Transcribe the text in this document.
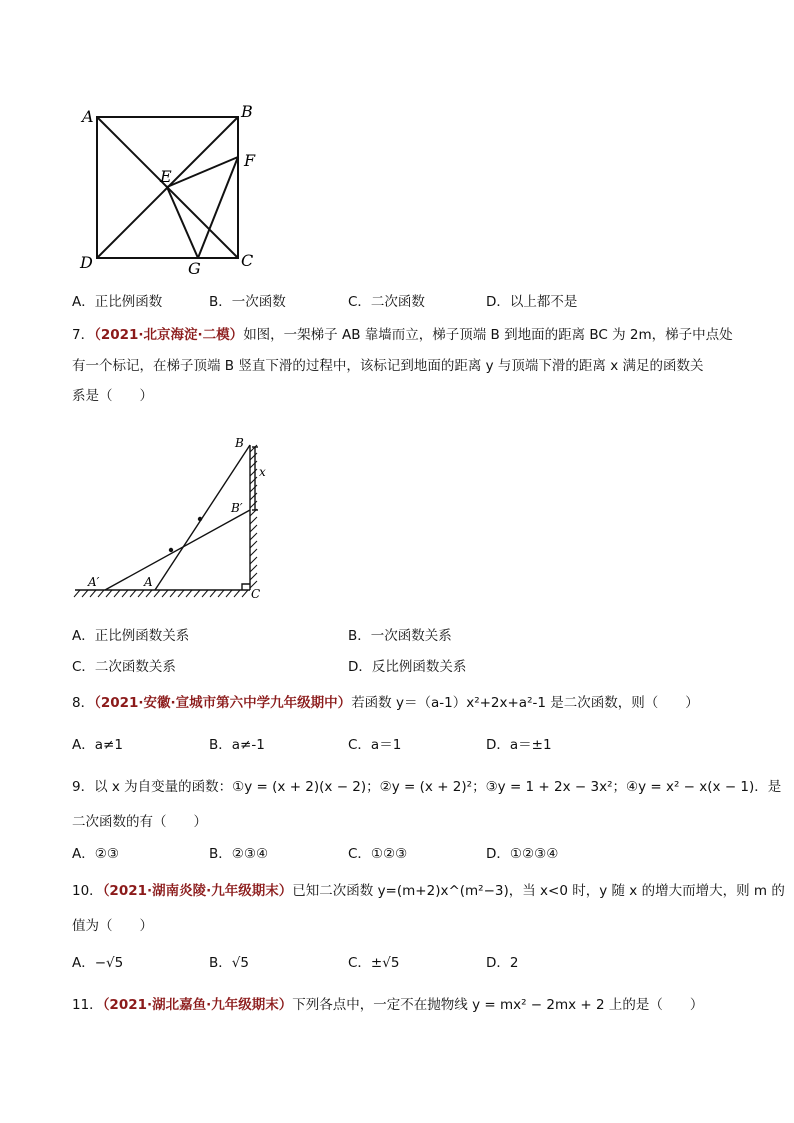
A	B
F
E
D	G	C
A．正比例函数	B．一次函数	C．二次函数	D．以上都不是
7．（2021·北京海淀·二模）如图，一架梯子 AB 靠墙而立，梯子顶端 B 到地面的距离 BC 为 2m，梯子中点处
有一个标记，在梯子顶端 B 竖直下滑的过程中，该标记到地面的距离 y 与顶端下滑的距离 x 满足的函数关
系是（　　）
B
x
B′
A′	A
C
A．正比例函数关系	B．一次函数关系
C．二次函数关系	D．反比例函数关系
8．（2021·安徽·宣城市第六中学九年级期中）若函数 y＝（a-1）x²+2x+a²-1 是二次函数，则（　　）
A．a≠1	B．a≠-1	C．a＝1	D．a＝±1
9．以 x 为自变量的函数：①y = (x + 2)(x − 2)；②y = (x + 2)²；③y = 1 + 2x − 3x²；④y = x² − x(x − 1)．是
二次函数的有（　　）
A．②③	B．②③④	C．①②③	D．①②③④
10．（2021·湖南炎陵·九年级期末）已知二次函数 y=(m+2)x^(m²−3)，当 x<0 时，y 随 x 的增大而增大，则 m 的
值为（　　）
A．−√5	B．√5	C．±√5	D．2
11．（2021·湖北嘉鱼·九年级期末）下列各点中，一定不在抛物线 y = mx² − 2mx + 2 上的是（　　）
